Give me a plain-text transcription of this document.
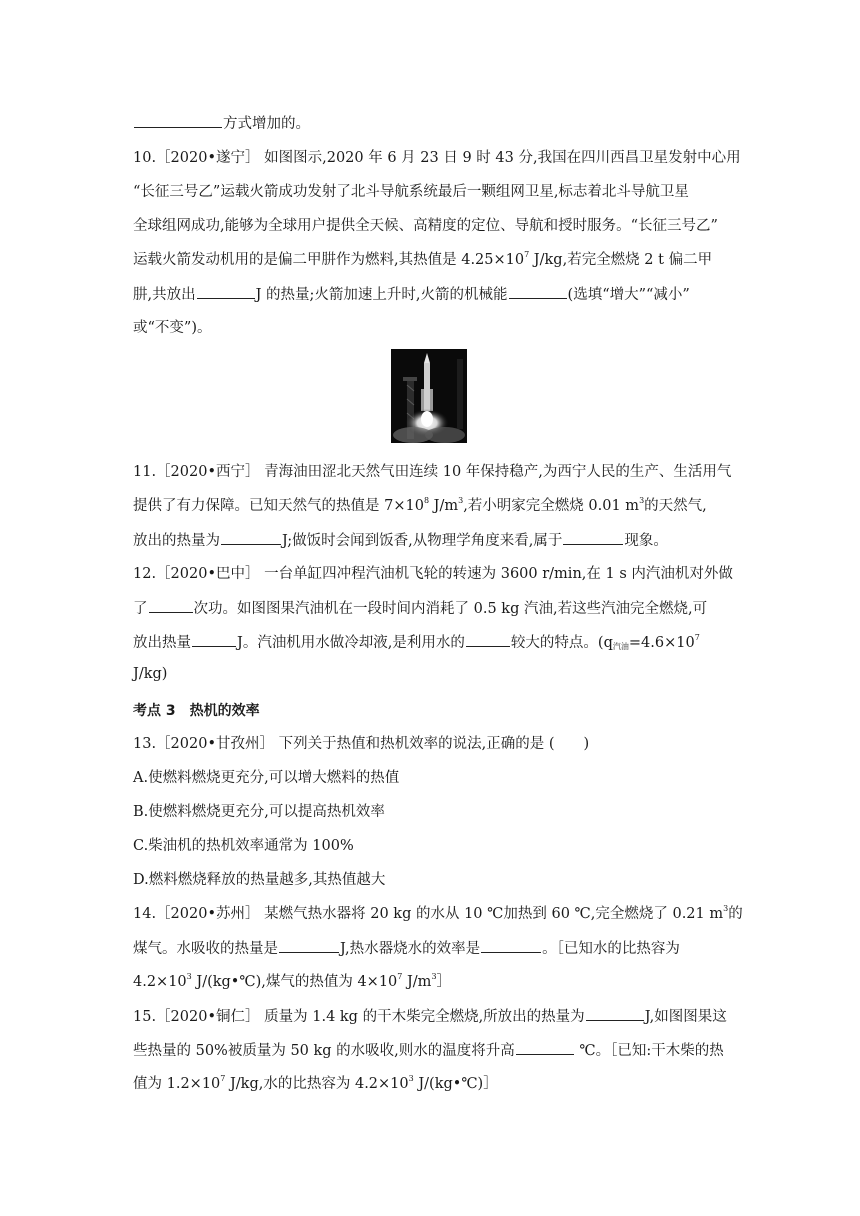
方式增加的。
10.［2020•遂宁］ 如图图示,2020 年 6 月 23 日 9 时 43 分,我国在四川西昌卫星发射中心用
“长征三号乙”运载火箭成功发射了北斗导航系统最后一颗组网卫星,标志着北斗导航卫星
全球组网成功,能够为全球用户提供全天候、高精度的定位、导航和授时服务。“长征三号乙”
运载火箭发动机用的是偏二甲肼作为燃料,其热值是 $4.25\times 10^7$ J/kg,若完全燃烧 2 t 偏二甲
肼,共放出	J 的热量;火箭加速上升时,火箭的机械能	(选填“增大”“减小”
或“不变”)。
11.［2020•西宁］ 青海油田涩北天然气田连续 10 年保持稳产,为西宁人民的生产、生活用气
提供了有力保障。已知天然气的热值是 $7\times 10^8$ $J/m^3$,若小明家完全燃烧 0.01 $m^3$的天然气,
放出的热量为	J;做饭时会闻到饭香,从物理学角度来看,属于	现象。
12.［2020•巴中］ 一台单缸四冲程汽油机飞轮的转速为 3600 r/min,在 1 s 内汽油机对外做
了	次功。如图图果汽油机在一段时间内消耗了 0.5 kg 汽油,若这些汽油完全燃烧,可
放出热量	J。汽油机用水做冷却液,是利用水的	较大的特点。($q_{汽油}=4.6\times 10^7$
J/kg)
考点 3　热机的效率
13.［2020•甘孜州］ 下列关于热值和热机效率的说法,正确的是 (　　)
A.使燃料燃烧更充分,可以增大燃料的热值
B.使燃料燃烧更充分,可以提高热机效率
C.柴油机的热机效率通常为 100%
D.燃料燃烧释放的热量越多,其热值越大
14.［2020•苏州］ 某燃气热水器将 20 kg 的水从 10 ℃加热到 60 ℃,完全燃烧了 0.21 $m^3$的
煤气。水吸收的热量是	J,热水器烧水的效率是	。［已知水的比热容为
$4.2\times 10^3$ J/(kg•℃),煤气的热值为 $4\times 10^7$ $J/m^3]$
15.［2020•铜仁］ 质量为 1.4 kg 的干木柴完全燃烧,所放出的热量为	J,如图图果这
些热量的 50%被质量为 50 kg 的水吸收,则水的温度将升高	℃。［已知:干木柴的热
值为 $1.2\times 10^7$ J/kg,水的比热容为 $4.2\times 10^3$ J/(kg•℃)］
